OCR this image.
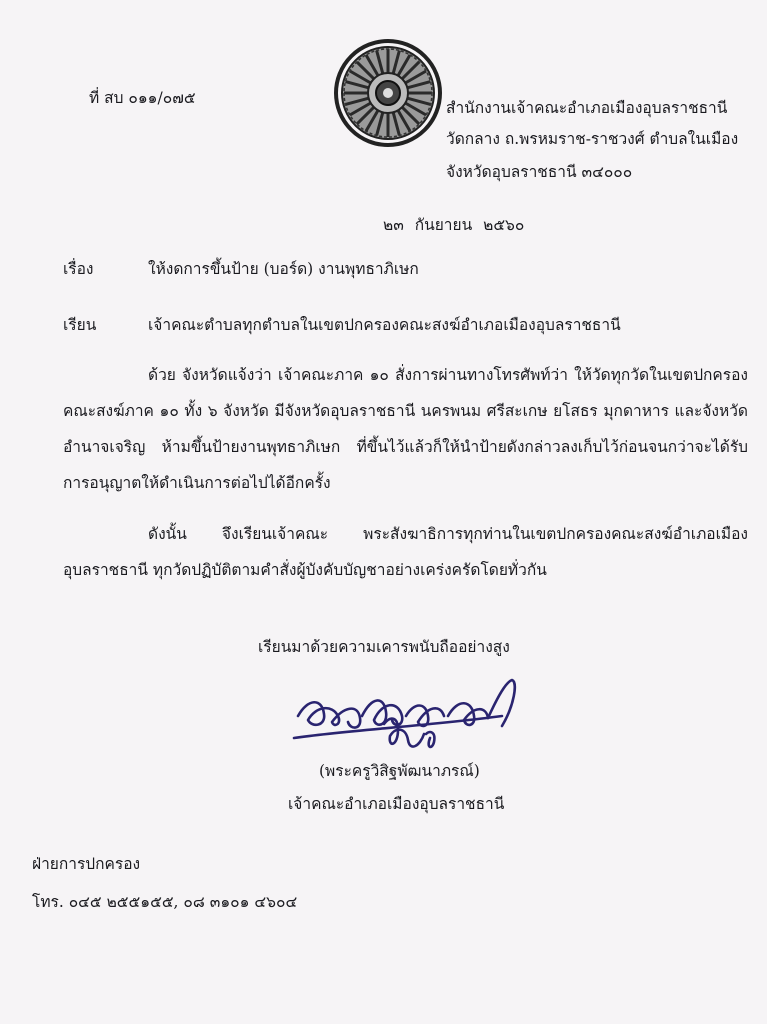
ที่ สบ ๐๑๑/๐๗๕
สำนักงานเจ้าคณะอำเภอเมืองอุบลราชธานี
วัดกลาง ถ.พรหมราช-ราชวงศ์ ตำบลในเมือง
จังหวัดอุบลราชธานี ๓๔๐๐๐
๒๓ กันยายน ๒๕๖๐
เรื่อง	ให้งดการขึ้นป้าย (บอร์ด) งานพุทธาภิเษก
เรียน	เจ้าคณะตำบลทุกตำบลในเขตปกครองคณะสงฆ์อำเภอเมืองอุบลราชธานี
ด้วย จังหวัดแจ้งว่า เจ้าคณะภาค ๑๐ สั่งการผ่านทางโทรศัพท์ว่า ให้วัดทุกวัดในเขตปกครองคณะสงฆ์ภาค ๑๐ ทั้ง ๖ จังหวัด มีจังหวัดอุบลราชธานี นครพนม ศรีสะเกษ ยโสธร มุกดาหาร และจังหวัดอำนาจเจริญ ห้ามขึ้นป้ายงานพุทธาภิเษก ที่ขึ้นไว้แล้วก็ให้นำป้ายดังกล่าวลงเก็บไว้ก่อนจนกว่าจะได้รับการอนุญาตให้ดำเนินการต่อไปได้อีกครั้ง
ดังนั้น จึงเรียนเจ้าคณะ พระสังฆาธิการทุกท่านในเขตปกครองคณะสงฆ์อำเภอเมืองอุบลราชธานี ทุกวัดปฏิบัติตามคำสั่งผู้บังคับบัญชาอย่างเคร่งครัดโดยทั่วกัน
เรียนมาด้วยความเคารพนับถืออย่างสูง
(พระครูวิสิฐพัฒนาภรณ์)
เจ้าคณะอำเภอเมืองอุบลราชธานี
ฝ่ายการปกครอง
โทร. ๐๔๕ ๒๕๕๑๕๕, ๐๘ ๓๑๐๑ ๔๖๐๔
